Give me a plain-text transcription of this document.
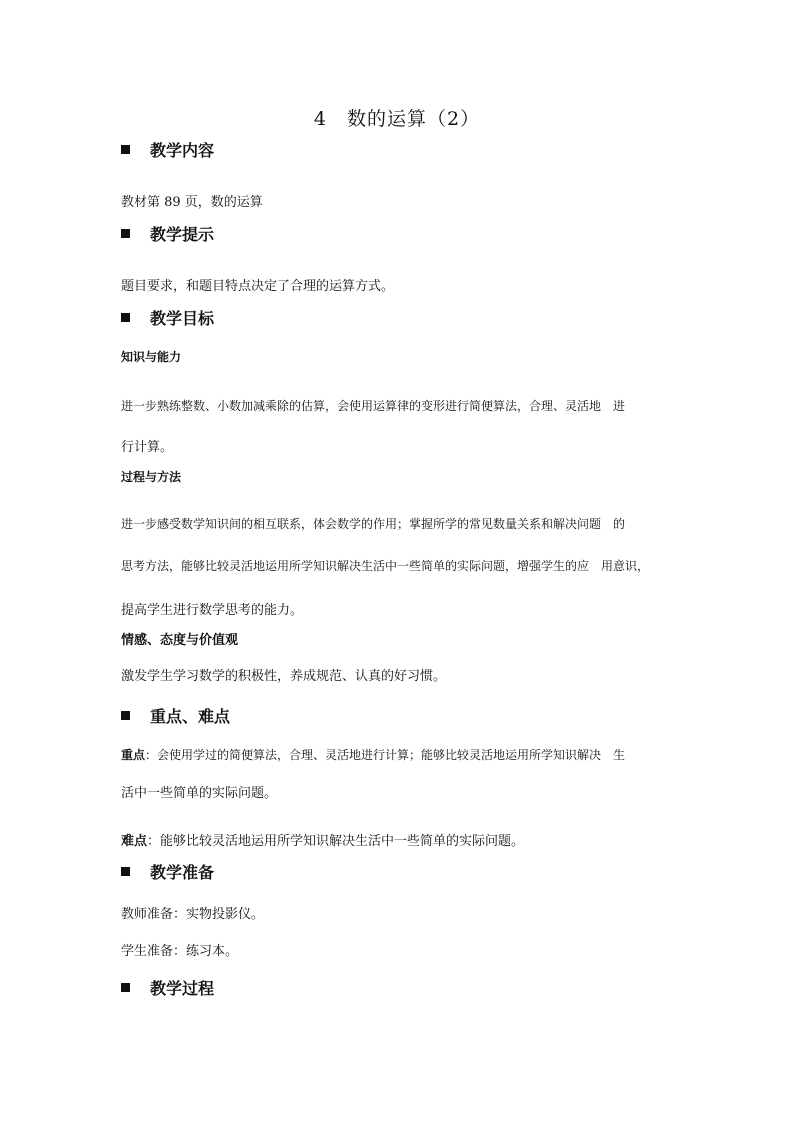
4　数的运算（2）
教学内容
教材第 89 页，数的运算
教学提示
题目要求，和题目特点决定了合理的运算方式。
教学目标
知识与能力
进一步熟练整数、小数加减乘除的估算，会使用运算律的变形进行简便算法，合理、灵活地　进
行计算。
过程与方法
进一步感受数学知识间的相互联系，体会数学的作用；掌握所学的常见数量关系和解决问题　的
思考方法，能够比较灵活地运用所学知识解决生活中一些简单的实际问题，增强学生的应　用意识，
提高学生进行数学思考的能力。
情感、态度与价值观
激发学生学习数学的积极性，养成规范、认真的好习惯。
重点、难点
重点：会使用学过的简便算法，合理、灵活地进行计算；能够比较灵活地运用所学知识解决　生
活中一些简单的实际问题。
难点：能够比较灵活地运用所学知识解决生活中一些简单的实际问题。
教学准备
教师准备：实物投影仪。
学生准备：练习本。
教学过程
